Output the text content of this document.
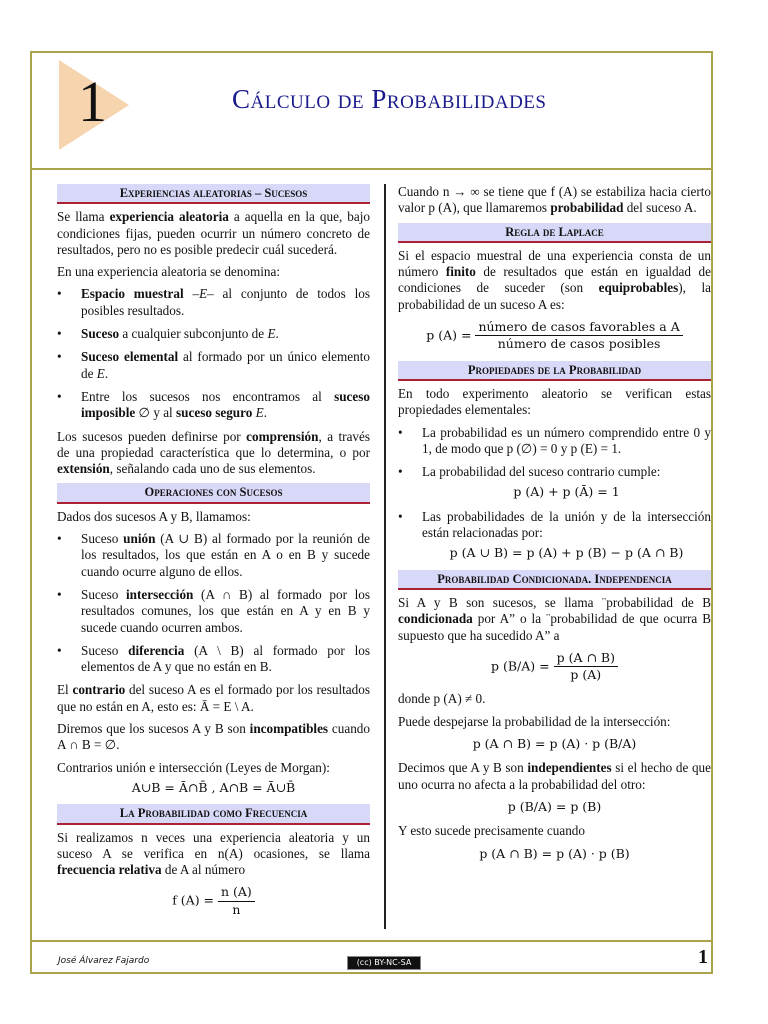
1	Cálculo de Probabilidades
Experiencias aleatorias – Sucesos

Se llama experiencia aleatoria a aquella en la que, bajo condiciones fijas, pueden ocurrir un número concreto de resultados, pero no es posible predecir cuál sucederá.

En una experiencia aleatoria se denomina:

• Espacio muestral –E– al conjunto de todos los posibles resultados.
• Suceso a cualquier subconjunto de E.
• Suceso elemental al formado por un único elemento de E.
• Entre los sucesos nos encontramos al suceso imposible ∅ y al suceso seguro E.

Los sucesos pueden definirse por comprensión, a través de una propiedad característica que lo determina, o por extensión, señalando cada uno de sus elementos.

Operaciones con Sucesos

Dados dos sucesos A y B, llamamos:

• Suceso unión (A ∪ B) al formado por la reunión de los resultados, los que están en A o en B y sucede cuando ocurre alguno de ellos.
• Suceso intersección (A ∩ B) al formado por los resultados comunes, los que están en A y en B y sucede cuando ocurren ambos.
• Suceso diferencia (A \ B) al formado por los elementos de A y que no están en B.

El contrario del suceso A es el formado por los resultados que no están en A, esto es: Ā = E \ A.

Diremos que los sucesos A y B son incompatibles cuando A ∩ B = ∅.

Contrarios unión e intersección (Leyes de Morgan):

A∪B = Ā∩B̄ , A∩B = Ā∪B̄
La Probabilidad como Frecuencia

Si realizamos n veces una experiencia aleatoria y un suceso A se verifica en n(A) ocasiones, se llama frecuencia relativa de A al número

f $(A) = \frac{n (A)}{n}$

Cuando n → ∞ se tiene que f (A) se estabiliza hacia cierto valor p (A), que llamaremos probabilidad del suceso A.

Regla de Laplace

Si el espacio muestral de una experiencia consta de un número finito de resultados que están en igualdad de condiciones de suceder (son equiprobables), la probabilidad de un suceso A es:

p $(A) = \frac{\text{número de casos favorables a A}}{\text{número de casos posibles}}$
Propiedades de la Probabilidad

En todo experimento aleatorio se verifican estas propiedades elementales:

• La probabilidad es un número comprendido entre 0 y 1, de modo que p (∅) = 0 y p (E) = 1.
• La probabilidad del suceso contrario cumple:
p (A) + p (Ā) = 1
• Las probabilidades de la unión y de la intersección están relacionadas por:
p (A ∪ B) = p (A) + p (B) − p (A ∩ B)
Probabilidad Condicionada. Independencia

Si A y B son sucesos, se llama ¨probabilidad de B condicionada por A” o la ¨probabilidad de que ocurra B supuesto que ha sucedido A” a

p $(B/A) = \frac{p (A \cap B)}{p (A)}$

donde p (A) ≠ 0.

Puede despejarse la probabilidad de la intersección:

p (A ∩ B) = p (A) · p (B/A)

Decimos que A y B son independientes si el hecho de que uno ocurra no afecta a la probabilidad del otro:

p (B/A) = p (B)

Y esto sucede precisamente cuando

p (A ∩ B) = p (A) · p (B)
José Álvarez Fajardo	(cc) BY-NC-SA	1
